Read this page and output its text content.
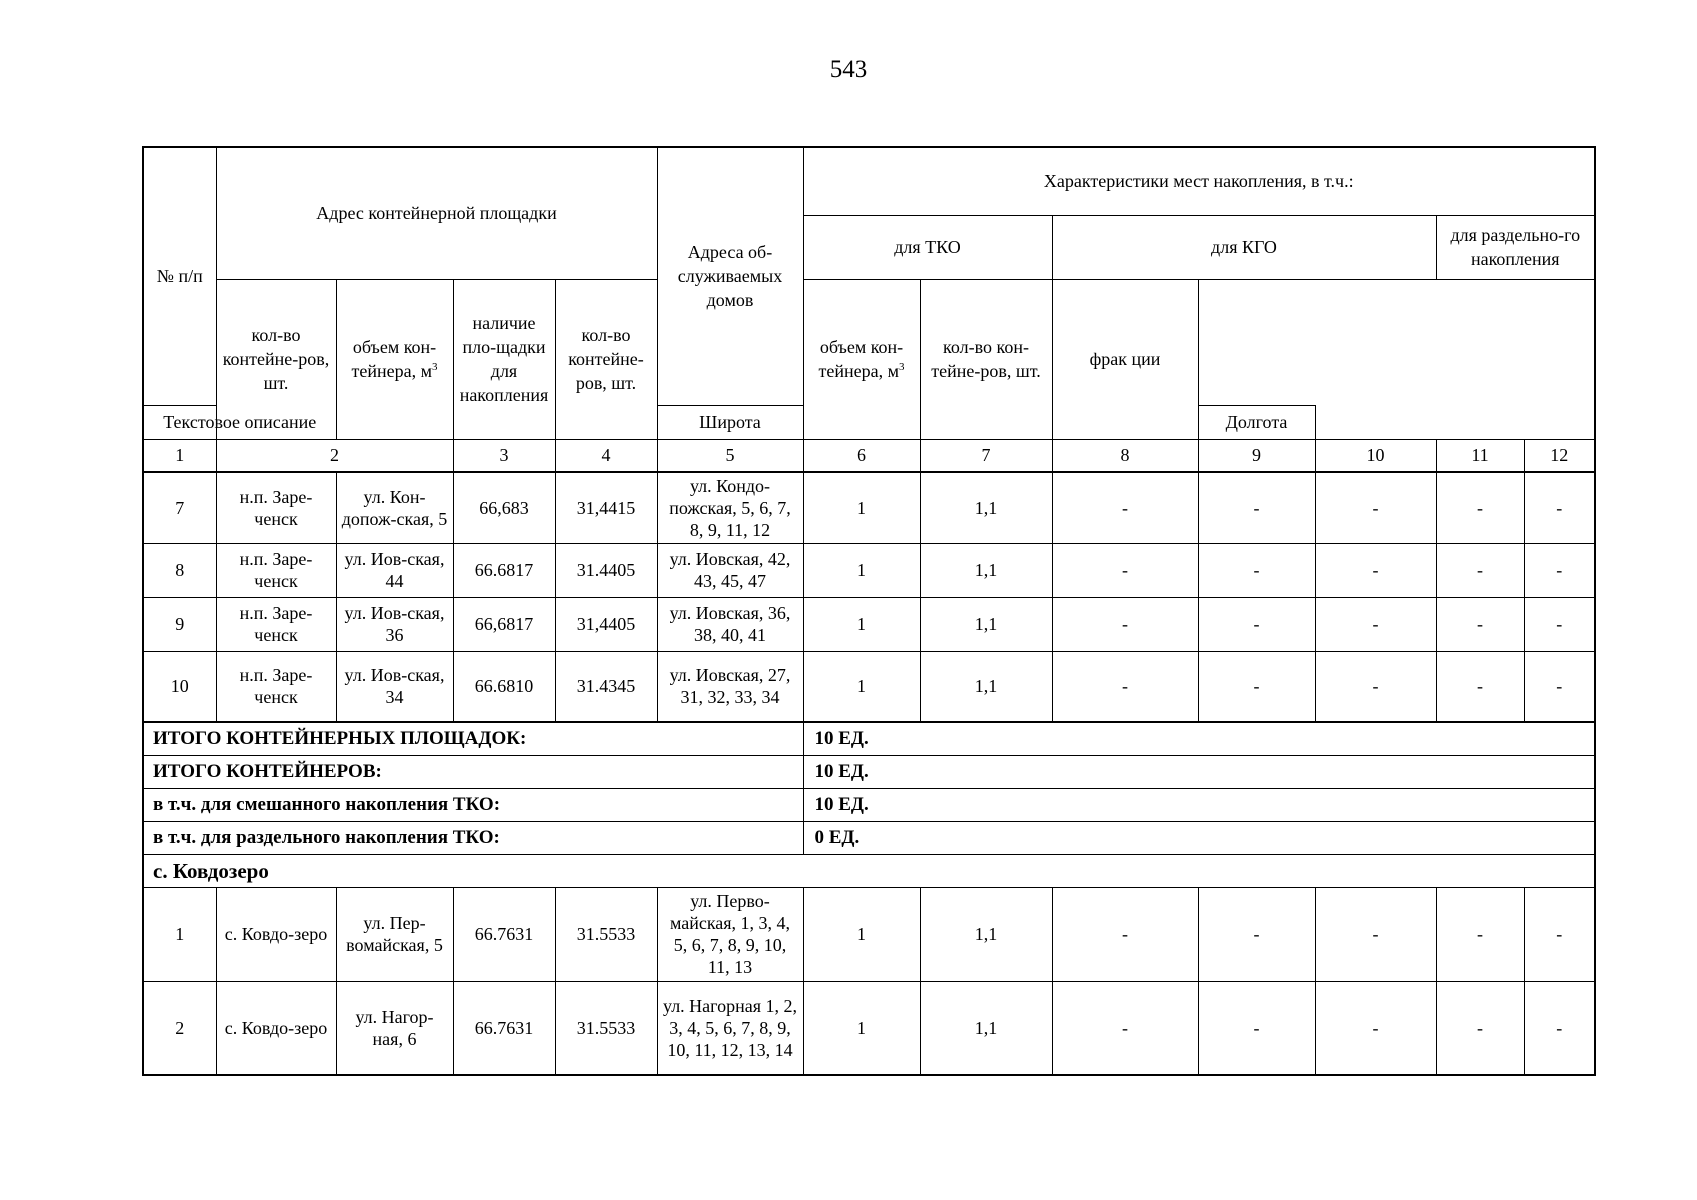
543
№ п/п	Адрес контейнерной площадки				Адреса об-служиваемых домов	Характеристики мест накопления, в т.ч.:						
						для ТКО		для КГО			для раздельно-го накопления	
	кол-во контейне-ров, шт.	объем кон-тейнера, $м^3$	наличие пло-щадки для накопления	кол-во контейне-ров, шт.		объем кон-тейнера, $м^3$	кол-во кон-тейне-ров, шт.	фрак ции				
Текстовое описание					Широта				Долгота			
1	2		3	4	5	6	7	8	9	10	11	12
7	н.п. Заре-ченск	ул. Кон-допож-ская, 5	66,683	31,4415	ул. Кондо-пожская, 5, 6, 7, 8, 9, 11, 12	1	1,1	-	-	-	-	-
8	н.п. Заре-ченск	ул. Иов-ская, 44	66.6817	31.4405	ул. Иовская, 42, 43, 45, 47	1	1,1	-	-	-	-	-
9	н.п. Заре-ченск	ул. Иов-ская, 36	66,6817	31,4405	ул. Иовская, 36, 38, 40, 41	1	1,1	-	-	-	-	-
10	н.п. Заре-ченск	ул. Иов-ская, 34	66.6810	31.4345	ул. Иовская, 27, 31, 32, 33, 34	1	1,1	-	-	-	-	-
ИТОГО КОНТЕЙНЕРНЫХ ПЛОЩАДОК:						10 ЕД.						
ИТОГО КОНТЕЙНЕРОВ:						10 ЕД.						
в т.ч. для смешанного накопления ТКО:						10 ЕД.						
в т.ч. для раздельного накопления ТКО:						0 ЕД.						
с. Ковдозеро												
1	с. Ковдо-зеро	ул. Пер-вомайская, 5	66.7631	31.5533	ул. Перво-майская, 1, 3, 4, 5, 6, 7, 8, 9, 10, 11, 13	1	1,1	-	-	-	-	-
2	с. Ковдо-зеро	ул. Нагор-ная, 6	66.7631	31.5533	ул. Нагорная 1, 2, 3, 4, 5, 6, 7, 8, 9, 10, 11, 12, 13, 14	1	1,1	-	-	-	-	-
